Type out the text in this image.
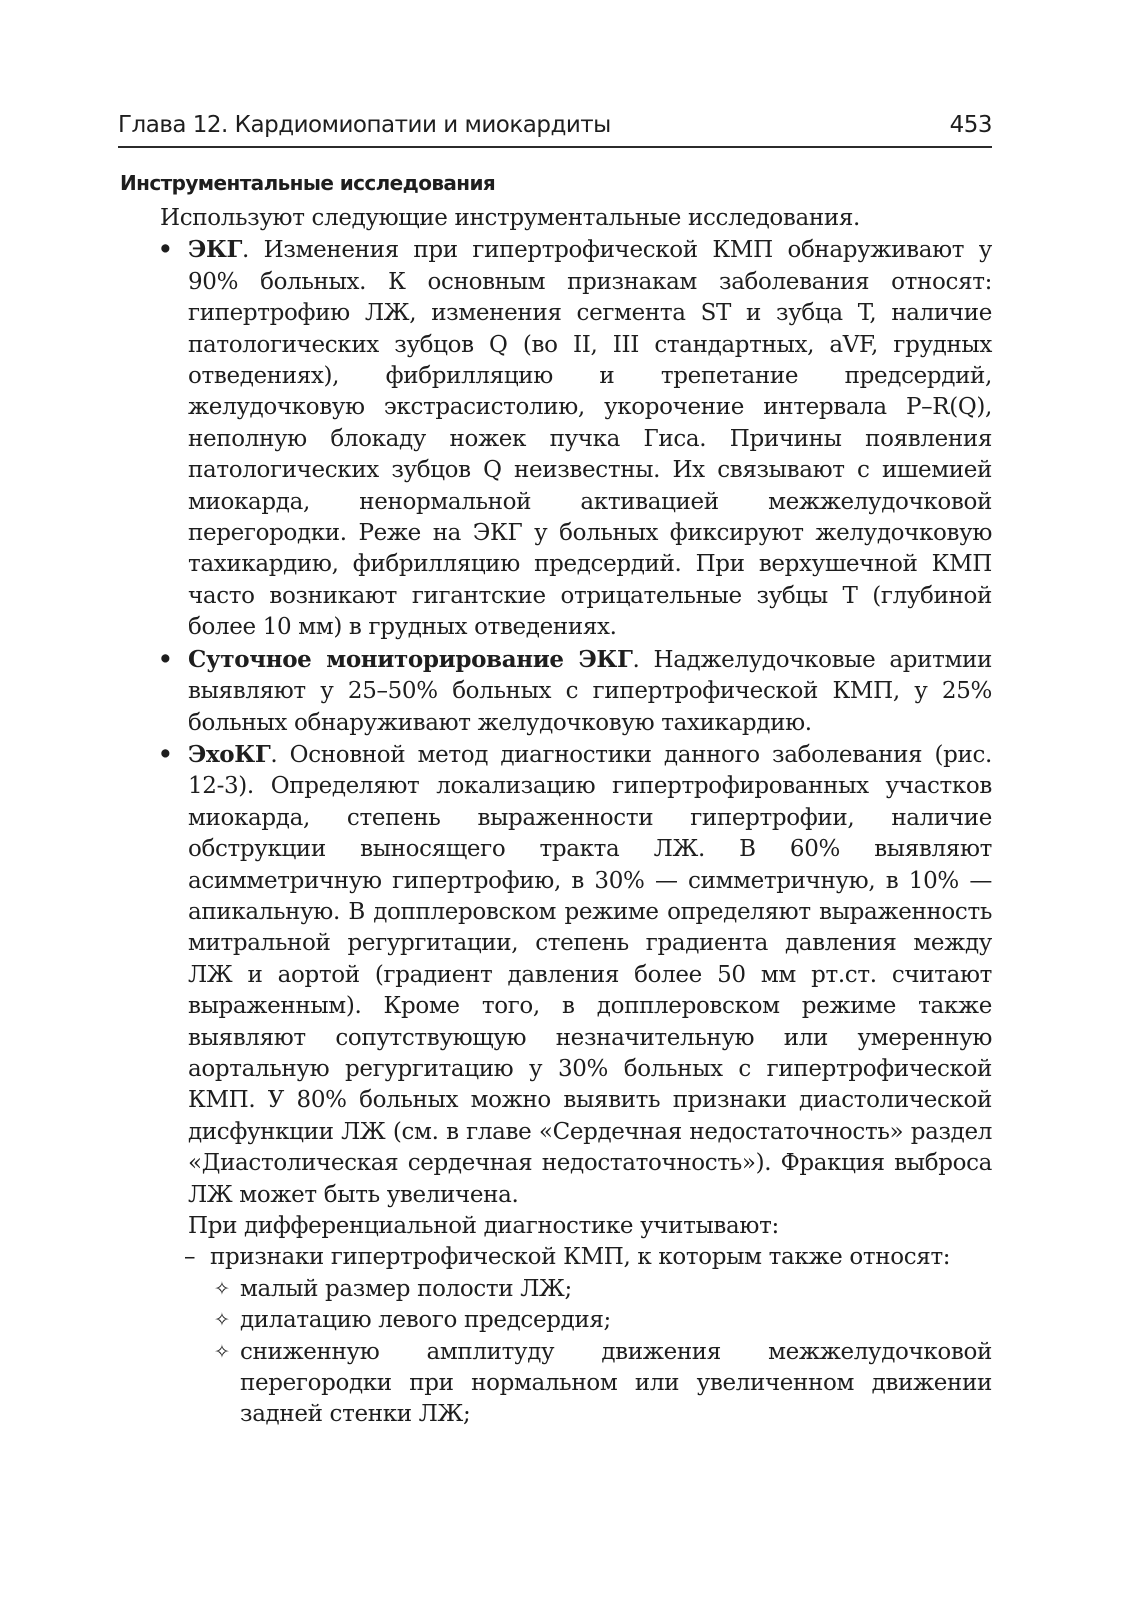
Глава 12. Кардиомиопатии и миокардиты	453
Инструментальные исследования

Используют следующие инструментальные исследования.

• ЭКГ. Изменения при гипертрофической КМП обнаруживают у 90% больных. К основным признакам заболевания относят: гипертрофию ЛЖ, изменения сегмента ST и зубца T, наличие патологических зубцов Q (во II, III стандартных, aVF, грудных отведениях), фибрилляцию и трепетание предсердий, желудочковую экстрасистолию, укорочение интервала P–R(Q), неполную блокаду ножек пучка Гиса. Причины появления патологических зубцов Q неизвестны. Их связывают с ишемией миокарда, ненормальной активацией межжелудочковой перегородки. Реже на ЭКГ у больных фиксируют желудочковую тахикардию, фибрилляцию предсердий. При верхушечной КМП часто возникают гигантские отрицательные зубцы T (глубиной более 10 мм) в грудных отведениях.

• Суточное мониторирование ЭКГ. Наджелудочковые аритмии выявляют у 25–50% больных с гипертрофической КМП, у 25% больных обнаруживают желудочковую тахикардию.

• ЭхоКГ. Основной метод диагностики данного заболевания (рис. 12-3). Определяют локализацию гипертрофированных участков миокарда, степень выраженности гипертрофии, наличие обструкции выносящего тракта ЛЖ. В 60% выявляют асимметричную гипертрофию, в 30% — симметричную, в 10% — апикальную. В допплеровском режиме определяют выраженность митральной регургитации, степень градиента давления между ЛЖ и аортой (градиент давления более 50 мм рт.ст. считают выраженным). Кроме того, в допплеровском режиме также выявляют сопутствующую незначительную или умеренную аортальную регургитацию у 30% больных с гипертрофической КМП. У 80% больных можно выявить признаки диастолической дисфункции ЛЖ (см. в главе «Сердечная недостаточность» раздел «Диастолическая сердечная недостаточность»). Фракция выброса ЛЖ может быть увеличена.

При дифференциальной диагностике учитывают:

– признаки гипертрофической КМП, к которым также относят:

✧ малый размер полости ЛЖ;

✧ дилатацию левого предсердия;

✧ сниженную амплитуду движения межжелудочковой перегородки при нормальном или увеличенном движении задней стенки ЛЖ;
